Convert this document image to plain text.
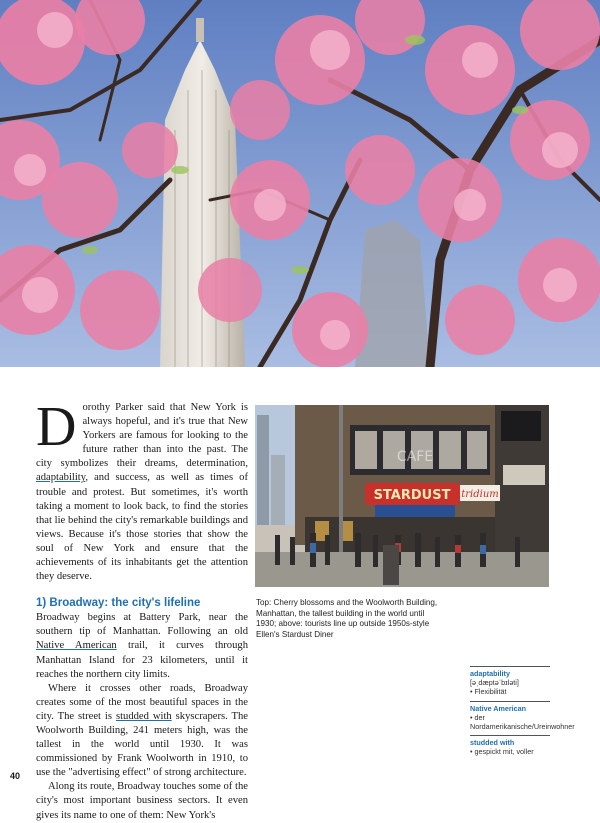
Dorothy Parker said that New York is always hopeful, and it's true that New Yorkers are famous for looking to the future rather than into the past. The city symbolizes their dreams, determination, adaptability, and success, as well as times of trouble and protest. But sometimes, it's worth taking a moment to look back, to find the stories that lie behind the city's remarkable buildings and views. Because it's those stories that show the soul of New York and ensure that the achievements of its inhabitants get the attention they deserve.

1) Broadway: the city's lifeline

Broadway begins at Battery Park, near the southern tip of Manhattan. Following an old Native American trail, it curves through Manhattan Island for 23 kilometers, until it reaches the northern city limits.

Where it crosses other roads, Broadway creates some of the most beautiful spaces in the city. The street is studded with skyscrapers. The Woolworth Building, 241 meters high, was the tallest in the world until 1930. It was commissioned by Frank Woolworth in 1910, to use the "advertising effect" of strong architecture.

Along its route, Broadway touches some of the city's most important business sectors. It even gives its name to one of them: New York's

CAFE
STARDUST tridium
Top: Cherry blossoms and the Woolworth Building, Manhattan, the tallest building in the world until 1930; above: tourists line up outside 1950s-style Ellen's Stardust Diner
adaptability
[əˌdæptəˈbɪləti]
• Flexibilität
Native American
• der Nordamerikanische/Ureinwohner
studded with
• gespickt mit, voller
40
